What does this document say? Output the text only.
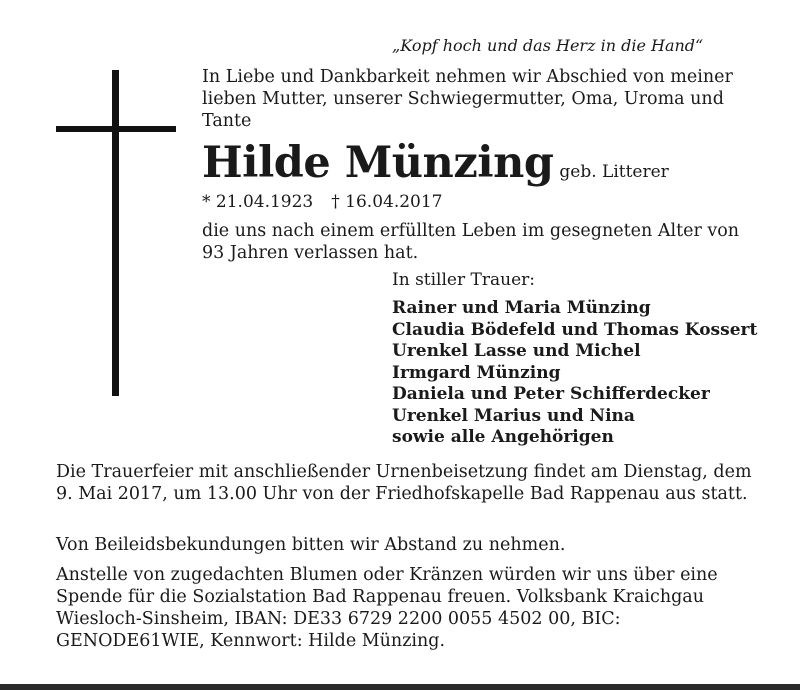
„Kopf hoch und das Herz in die Hand“
In Liebe und Dankbarkeit nehmen wir Abschied von meiner lieben Mutter, unserer Schwiegermutter, Oma, Uroma und Tante
Hilde Münzing geb. Litterer
* 21.04.1923 † 16.04.2017
die uns nach einem erfüllten Leben im gesegneten Alter von 93 Jahren verlassen hat.
In stiller Trauer:
Rainer und Maria Münzing
Claudia Bödefeld und Thomas Kossert
Urenkel Lasse und Michel
Irmgard Münzing
Daniela und Peter Schifferdecker
Urenkel Marius und Nina
sowie alle Angehörigen
Die Trauerfeier mit anschließender Urnenbeisetzung findet am Dienstag, dem 9. Mai 2017, um 13.00 Uhr von der Friedhofskapelle Bad Rappenau aus statt.
Von Beileidsbekundungen bitten wir Abstand zu nehmen.
Anstelle von zugedachten Blumen oder Kränzen würden wir uns über eine Spende für die Sozialstation Bad Rappenau freuen. Volksbank Kraichgau Wiesloch-Sinsheim, IBAN: DE33 6729 2200 0055 4502 00, BIC: GENODE61WIE, Kennwort: Hilde Münzing.
